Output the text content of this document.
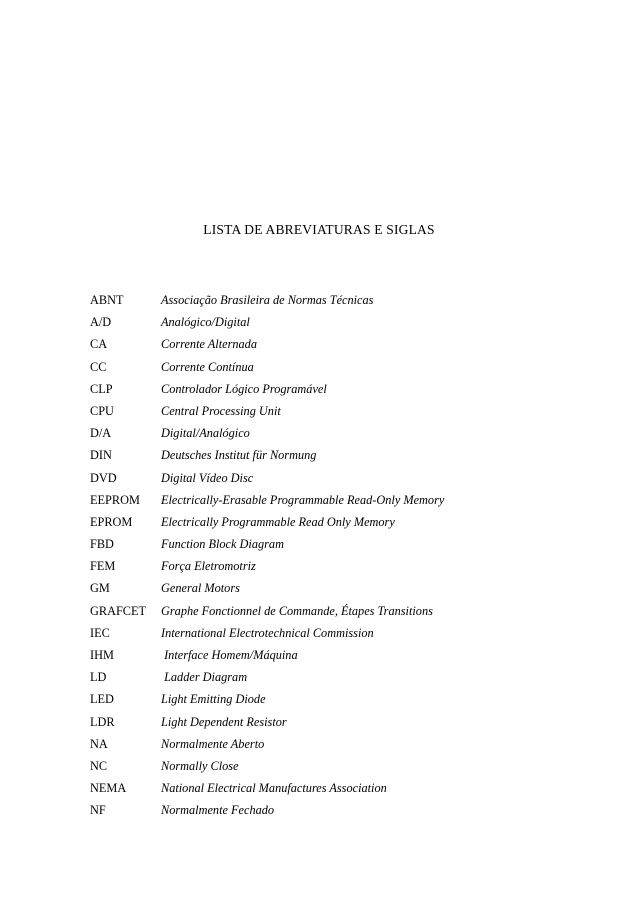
LISTA DE ABREVIATURAS E SIGLAS
ABNT	Associação Brasileira de Normas Técnicas
A/D	Analógico/Digital
CA	Corrente Alternada
CC	Corrente Contínua
CLP	Controlador Lógico Programável
CPU	Central Processing Unit
D/A	Digital/Analógico
DIN	Deutsches Institut für Normung
DVD	Digital Vídeo Disc
EEPROM	Electrically-Erasable Programmable Read-Only Memory
EPROM	Electrically Programmable Read Only Memory
FBD	Function Block Diagram
FEM	Força Eletromotriz
GM	General Motors
GRAFCET	Graphe Fonctionnel de Commande, Étapes Transitions
IEC	International Electrotechnical Commission
IHM	Interface Homem/Máquina
LD	Ladder Diagram
LED	Light Emitting Diode
LDR	Light Dependent Resistor
NA	Normalmente Aberto
NC	Normally Close
NEMA	National Electrical Manufactures Association
NF	Normalmente Fechado
